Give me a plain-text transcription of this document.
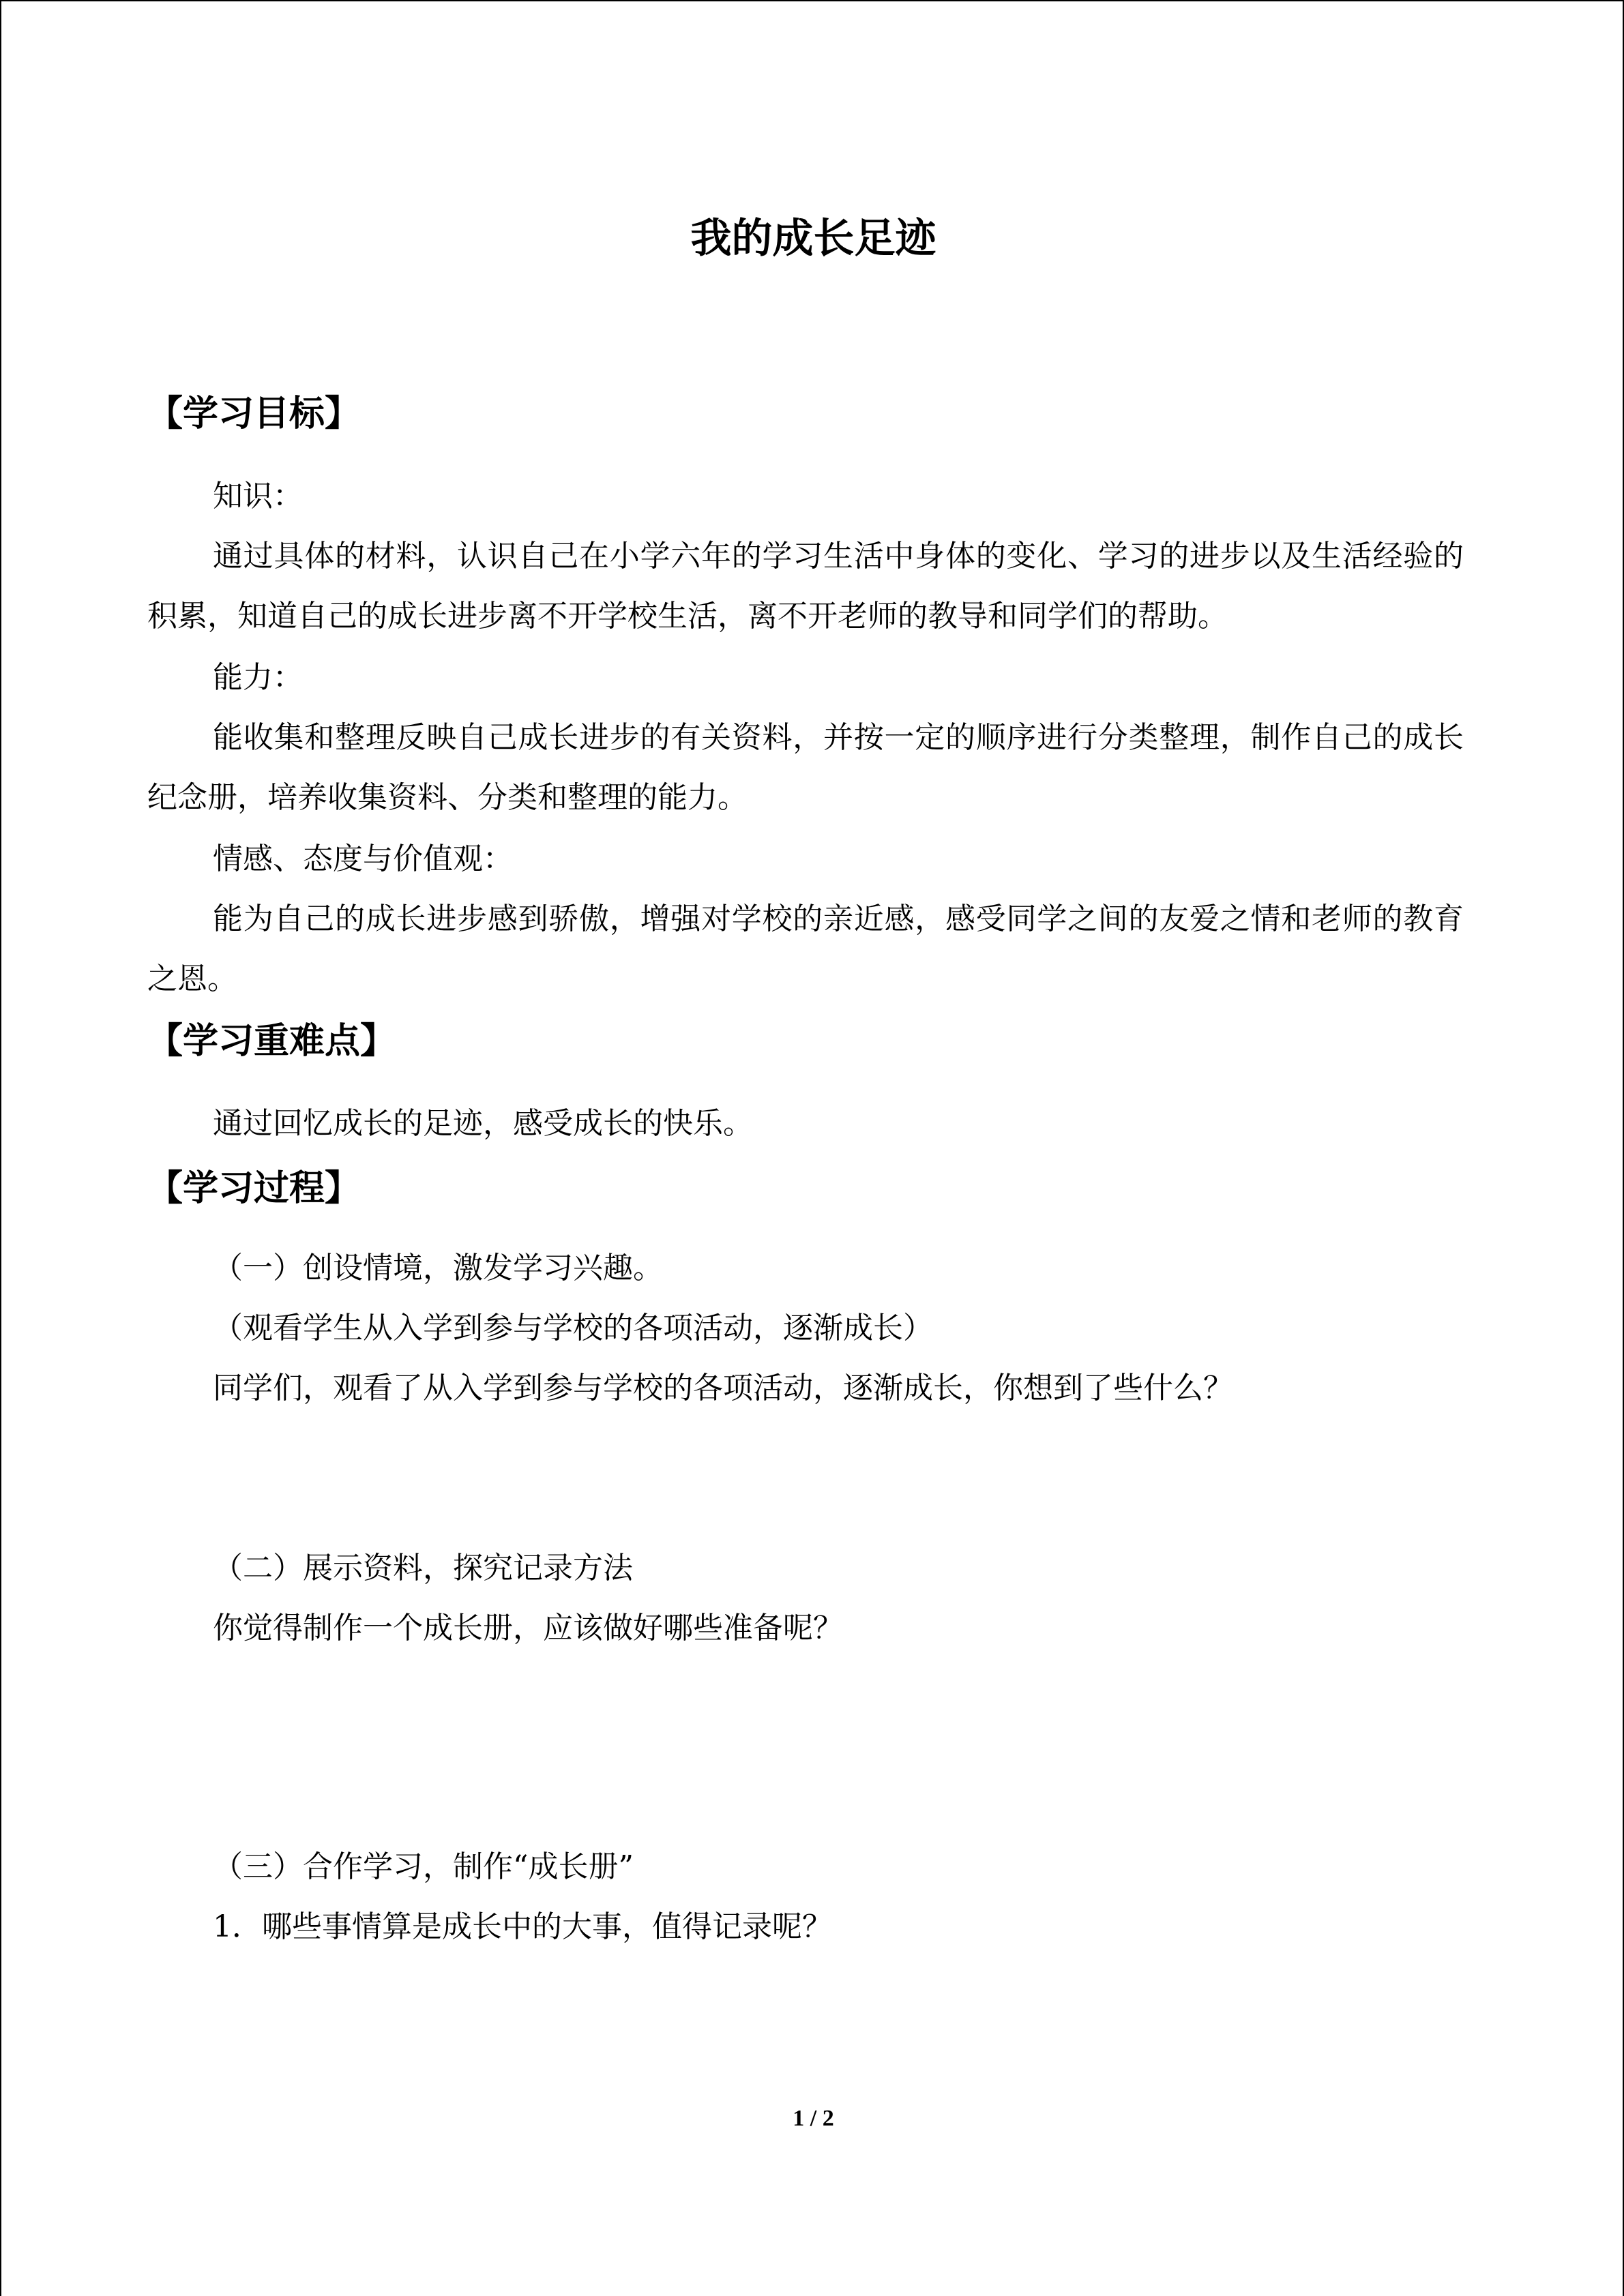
我的成长足迹
【学习目标】
知识：
通过具体的材料，认识自己在小学六年的学习生活中身体的变化、学习的进步以及生活经验的积累，知道自己的成长进步离不开学校生活，离不开老师的教导和同学们的帮助。
能力：
能收集和整理反映自己成长进步的有关资料，并按一定的顺序进行分类整理，制作自己的成长纪念册，培养收集资料、分类和整理的能力。
情感、态度与价值观：
能为自己的成长进步感到骄傲，增强对学校的亲近感，感受同学之间的友爱之情和老师的教育之恩。
【学习重难点】
通过回忆成长的足迹，感受成长的快乐。
【学习过程】
（一）创设情境，激发学习兴趣。
（观看学生从入学到参与学校的各项活动，逐渐成长）
同学们，观看了从入学到参与学校的各项活动，逐渐成长，你想到了些什么？
（二）展示资料，探究记录方法
你觉得制作一个成长册，应该做好哪些准备呢？
（三）合作学习，制作“成长册”
1．哪些事情算是成长中的大事，值得记录呢？
1 / 2
